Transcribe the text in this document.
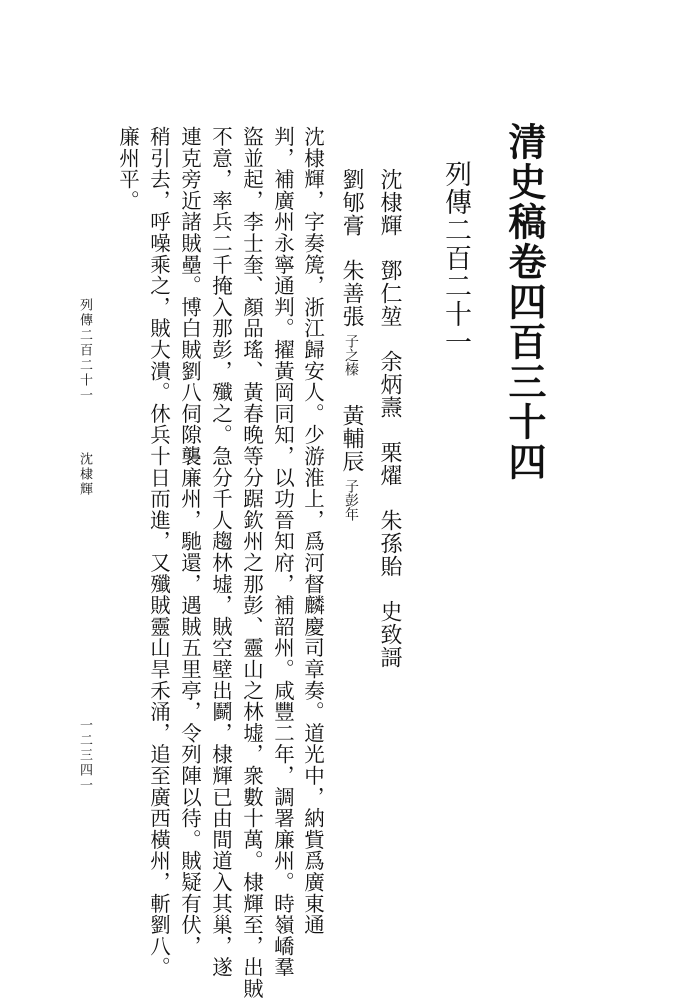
清史稿卷四百三十四
列傳二百二十一
沈棣輝鄧仁堃余炳燾栗燿朱孫貽史致謌
劉郇膏朱善張子之榛黃輔辰子彭年
沈棣輝，字奏箎，浙江歸安人。少游淮上，爲河督麟慶司章奏。道光中，納貲爲廣東通
判，補廣州永寧通判。擢黃岡同知，以功晉知府，補韶州。咸豐二年，調署廉州。時嶺嶠羣
盜並起，李士奎、顏品瑤、黃春晚等分踞欽州之那彭、靈山之林墟，衆數十萬。棣輝至，出賊
不意，率兵二千掩入那彭，殲之。急分千人趨林墟，賊空壁出鬬，棣輝已由間道入其巢，遂
連克旁近諸賊壘。博白賊劉八伺隙襲廉州，馳還，遇賊五里亭，令列陣以待。賊疑有伏，
稍引去，呼噪乘之，賊大潰。休兵十日而進，又殲賊靈山旱禾涌，追至廣西橫州，斬劉八。
廉州平。
列傳二百二十一
沈棣輝
一二三四一
